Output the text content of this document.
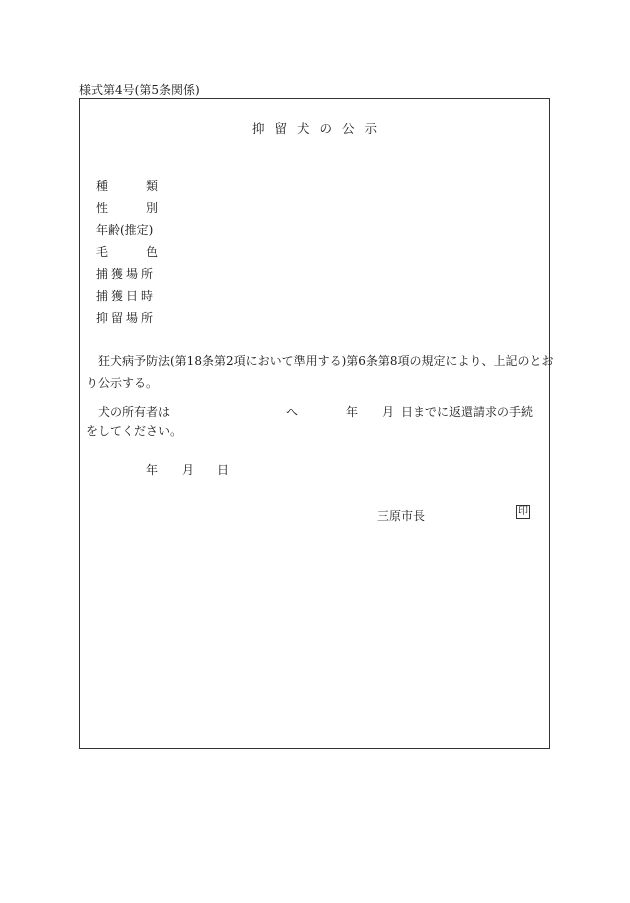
様式第4号(第5条関係)
抑留犬の公示
種	類
性	別
年齢(推定)
毛	色
捕獲場所
捕獲日時
抑留場所
狂犬病予防法(第18条第2項において準用する)第6条第8項の規定により、上記のとお
り公示する。
犬の所有者は	へ	年 月 日までに返還請求の手続
をしてください。
年 月 日
三原市長	印
